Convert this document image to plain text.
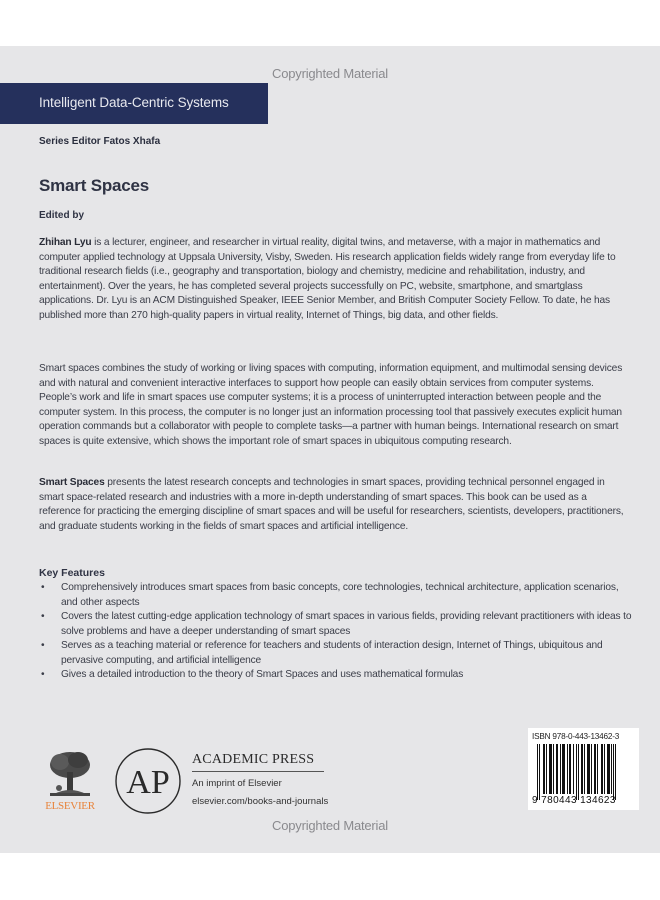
Copyrighted Material
Intelligent Data-Centric Systems
Series Editor Fatos Xhafa
Smart Spaces
Edited by

Zhihan Lyu is a lecturer, engineer, and researcher in virtual reality, digital twins, and metaverse, with a major in mathematics and computer applied technology at Uppsala University, Visby, Sweden. His research application fields widely range from everyday life to traditional research fields (i.e., geography and transportation, biology and chemistry, medicine and rehabilitation, industry, and entertainment). Over the years, he has completed several projects successfully on PC, website, smartphone, and smartglass applications. Dr. Lyu is an ACM Distinguished Speaker, IEEE Senior Member, and British Computer Society Fellow. To date, he has published more than 270 high-quality papers in virtual reality, Internet of Things, big data, and other fields.

Smart spaces combines the study of working or living spaces with computing, information equipment, and multimodal sensing devices and with natural and convenient interactive interfaces to support how people can easily obtain services from computer systems. People’s work and life in smart spaces use computer systems; it is a process of uninterrupted interaction between people and the computer system. In this process, the computer is no longer just an information processing tool that passively executes explicit human operation commands but a collaborator with people to complete tasks—a partner with human beings. International research on smart spaces is quite extensive, which shows the important role of smart spaces in ubiquitous computing research.

Smart Spaces presents the latest research concepts and technologies in smart spaces, providing technical personnel engaged in smart space-related research and industries with a more in-depth understanding of smart spaces. This book can be used as a reference for practicing the emerging discipline of smart spaces and will be useful for researchers, scientists, developers, practitioners, and graduate students working in the fields of smart spaces and artificial intelligence.

Key Features
• Comprehensively introduces smart spaces from basic concepts, core technologies, technical architecture, application scenarios, and other aspects
• Covers the latest cutting-edge application technology of smart spaces in various fields, providing relevant practitioners with ideas to solve problems and have a deeper understanding of smart spaces
• Serves as a teaching material or reference for teachers and students of interaction design, Internet of Things, ubiquitous and pervasive computing, and artificial intelligence
• Gives a detailed introduction to the theory of Smart Spaces and uses mathematical formulas
ELSEVIER
AP
ACADEMIC PRESS
An imprint of Elsevier
elsevier.com/books-and-journals
ISBN 978-0-443-13462-3
9 780443 134623
Copyrighted Material
